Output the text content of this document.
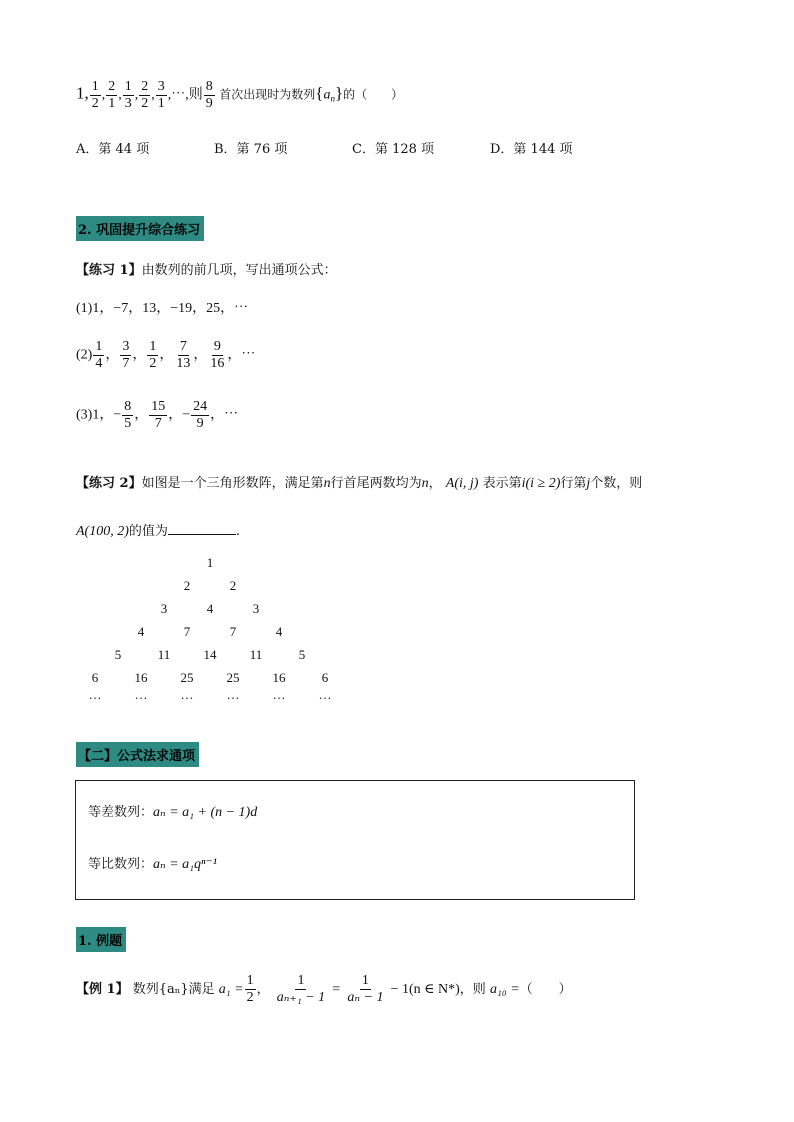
1, $\frac{1}{2}$ , $\frac{2}{1}$ , $\frac{1}{3}$ , $\frac{2}{2}$ , $\frac{3}{1}$ ,⋯,则 $\frac{8}{9}$ 首次出现时为数列$\{a_n\}$的（　　）
A．第 44 项	B．第 76 项	C．第 128 项	D．第 144 项
2. 巩固提升综合练习
【练习 1】由数列的前几项，写出通项公式：
(1)1，−7，13，−19，25，⋯
$(2) \frac{1}{4}$ ， $\frac{3}{7}$ ， $\frac{1}{2}$ ， $\frac{7}{13}$ ， $\frac{9}{16}$ ，⋯
(3)1，− $\frac{8}{5}$ ， $\frac{15}{7}$ ，− $\frac{24}{9}$ ，⋯
【练习 2】如图是一个三角形数阵，满足第n行首尾两数均为n， A(i, j) 表示第i(i ≥ 2)行第j个数，则
A(100, 2)的值为	.
1
2	2
3	4	3
4	7	7	4
5	11	14	11	5
6	16	25	25	16	6
…	…	…	…	…	…
【二】公式法求通项
等差数列：aₙ = a₁ + (n − 1)d
等比数列：aₙ = a₁qⁿ⁻¹
1. 例题
【例 1】 数列{aₙ}满足 $a_1 = \frac{1}{2}$ ， $\frac{1}{\text{aₙ₊₁ − 1}} = \frac{1}{\text{aₙ − 1}} - 1(n$ ∈ N*)，则 a₁₀ =（　　）
